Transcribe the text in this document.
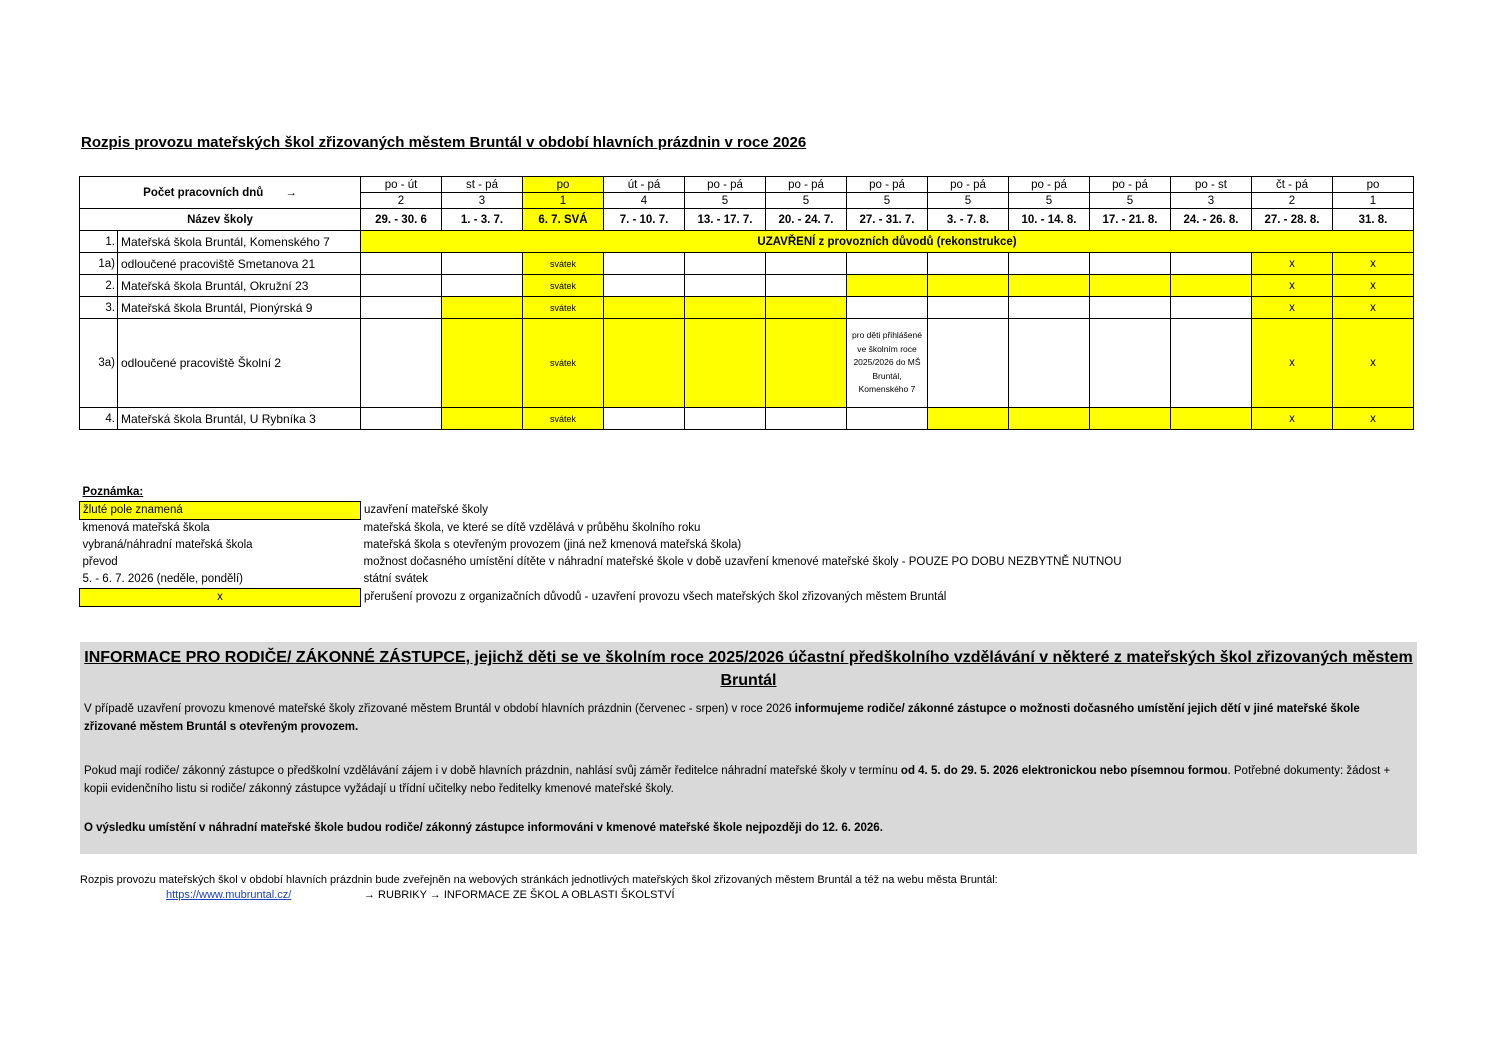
Rozpis provozu mateřských škol zřizovaných městem Bruntál v období hlavních prázdnin v roce 2026
Počet pracovních dnů →		po - út	st - pá	po	út - pá	po - pá	po - pá	po - pá	po - pá	po - pá	po - pá	po - st	čt - pá	po
		2	3	1	4	5	5	5	5	5	5	3	2	1
Název školy		29. - 30. 6	1. - 3. 7.	6. 7. SVÁ	7. - 10. 7.	13. - 17. 7.	20. - 24. 7.	27. - 31. 7.	3. - 7. 8.	10. - 14. 8.	17. - 21. 8.	24. - 26. 8.	27. - 28. 8.	31. 8.
1.	Mateřská škola Bruntál, Komenského 7	UZAVŘENÍ z provozních důvodů (rekonstrukce)												
1a)	odloučené pracoviště Smetanova 21			svátek									x	x
2.	Mateřská škola Bruntál, Okružní 23			svátek									x	x
3.	Mateřská škola Bruntál, Pionýrská 9			svátek									x	x
3a)	odloučené pracoviště Školní 2			svátek				pro děti přihlášené ve školním roce 2025/2026 do MŠ Bruntál, Komenského 7					x	x
4.	Mateřská škola Bruntál, U Rybníka 3			svátek									x	x
Poznámka:	
žluté pole znamená	uzavření mateřské školy
kmenová mateřská škola	mateřská škola, ve které se dítě vzdělává v průběhu školního roku
vybraná/náhradní mateřská škola	mateřská škola s otevřeným provozem (jiná než kmenová mateřská škola)
převod	možnost dočasného umístění dítěte v náhradní mateřské škole v době uzavření kmenové mateřské školy - POUZE PO DOBU NEZBYTNĚ NUTNOU
5. - 6. 7. 2026 (neděle, pondělí)	státní svátek
x	přerušení provozu z organizačních důvodů - uzavření provozu všech mateřských škol zřizovaných městem Bruntál
INFORMACE PRO RODIČE/ ZÁKONNÉ ZÁSTUPCE, jejichž děti se ve školním roce 2025/2026 účastní předškolního vzdělávání v některé z mateřských škol zřizovaných městem
Bruntál

V případě uzavření provozu kmenové mateřské školy zřizované městem Bruntál v období hlavních prázdnin (červenec - srpen) v roce 2026 informujeme rodiče/ zákonné zástupce o možnosti dočasného umístění jejich dětí v jiné mateřské škole zřizované městem Bruntál s otevřeným provozem.

Pokud mají rodiče/ zákonný zástupce o předškolní vzdělávání zájem i v době hlavních prázdnin, nahlásí svůj záměr ředitelce náhradní mateřské školy v termínu od 4. 5. do 29. 5. 2026 elektronickou nebo písemnou formou. Potřebné dokumenty: žádost + kopii evidenčního listu si rodiče/ zákonný zástupce vyžádají u třídní učitelky nebo ředitelky kmenové mateřské školy.

O výsledku umístění v náhradní mateřské škole budou rodiče/ zákonný zástupce informováni v kmenové mateřské škole nejpozději do 12. 6. 2026.

Rozpis provozu mateřských škol v období hlavních prázdnin bude zveřejněn na webových stránkách jednotlivých mateřských škol zřizovaných městem Bruntál a též na webu města Bruntál:
https://www.mubruntal.cz/	→ RUBRIKY → INFORMACE ZE ŠKOL A OBLASTI ŠKOLSTVÍ
